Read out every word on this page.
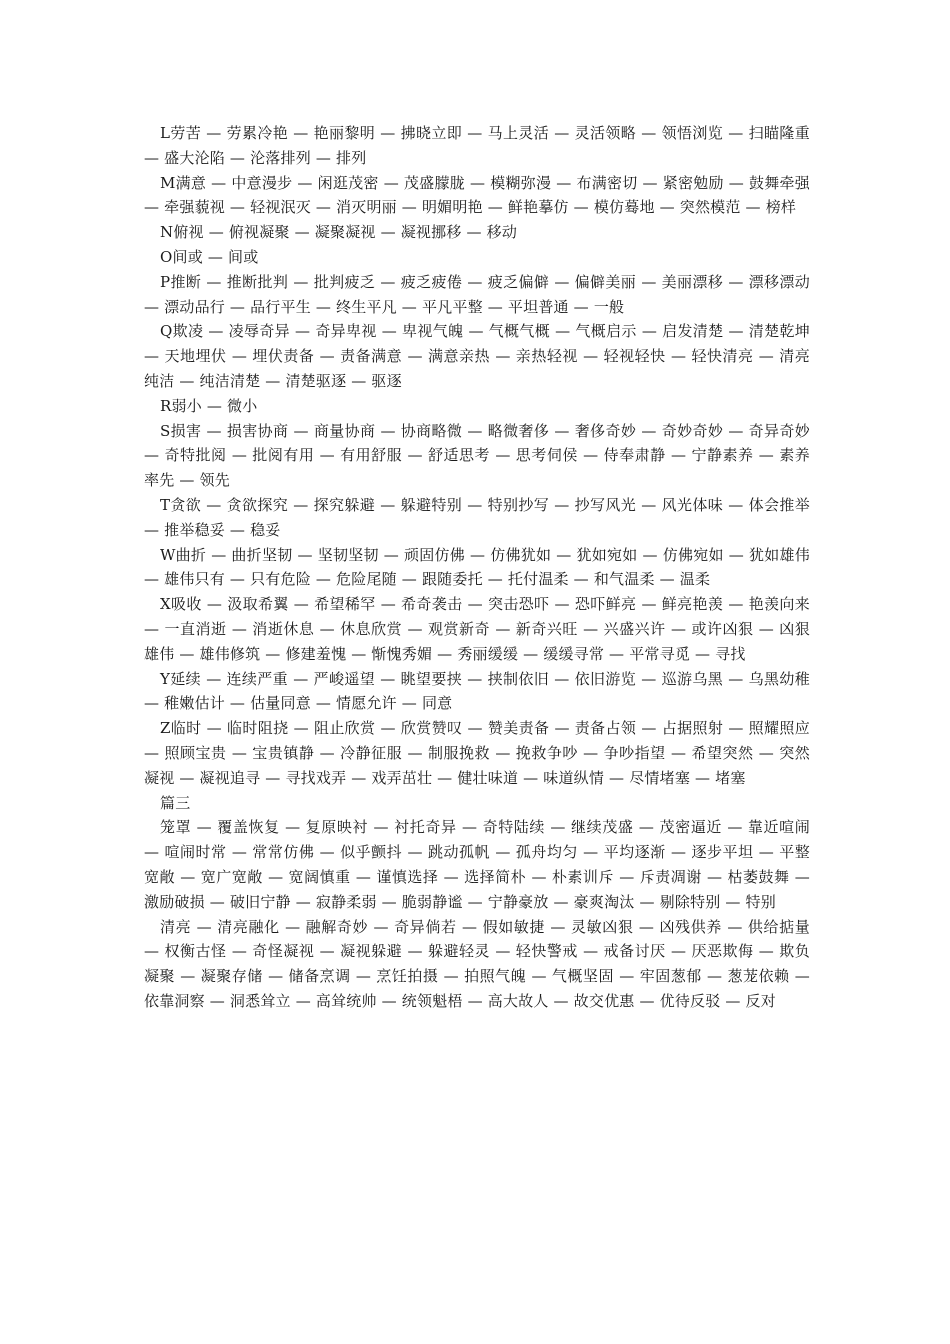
L劳苦 — 劳累冷艳 — 艳丽黎明 — 拂晓立即 — 马上灵活 — 灵活领略 — 领悟浏览 — 扫瞄隆重 — 盛大沦陷 — 沦落排列 — 排列

M满意 — 中意漫步 — 闲逛茂密 — 茂盛朦胧 — 模糊弥漫 — 布满密切 — 紧密勉励 — 鼓舞牵强 — 牵强藐视 — 轻视泯灭 — 消灭明丽 — 明媚明艳 — 鲜艳摹仿 — 模仿蓦地 — 突然模范 — 榜样

N俯视 — 俯视凝聚 — 凝聚凝视 — 凝视挪移 — 移动

O间或 — 间或

P推断 — 推断批判 — 批判疲乏 — 疲乏疲倦 — 疲乏偏僻 — 偏僻美丽 — 美丽漂移 — 漂移漂动 — 漂动品行 — 品行平生 — 终生平凡 — 平凡平整 — 平坦普通 — 一般

Q欺凌 — 凌辱奇异 — 奇异卑视 — 卑视气魄 — 气概气概 — 气概启示 — 启发清楚 — 清楚乾坤 — 天地埋伏 — 埋伏责备 — 责备满意 — 满意亲热 — 亲热轻视 — 轻视轻快 — 轻快清亮 — 清亮纯洁 — 纯洁清楚 — 清楚驱逐 — 驱逐

R弱小 — 微小

S损害 — 损害协商 — 商量协商 — 协商略微 — 略微奢侈 — 奢侈奇妙 — 奇妙奇妙 — 奇异奇妙 — 奇特批阅 — 批阅有用 — 有用舒服 — 舒适思考 — 思考伺侯 — 侍奉肃静 — 宁静素养 — 素养率先 — 领先

T贪欲 — 贪欲探究 — 探究躲避 — 躲避特别 — 特别抄写 — 抄写风光 — 风光体味 — 体会推举 — 推举稳妥 — 稳妥

W曲折 — 曲折坚韧 — 坚韧坚韧 — 顽固仿佛 — 仿佛犹如 — 犹如宛如 — 仿佛宛如 — 犹如雄伟 — 雄伟只有 — 只有危险 — 危险尾随 — 跟随委托 — 托付温柔 — 和气温柔 — 温柔

X吸收 — 汲取希翼 — 希望稀罕 — 希奇袭击 — 突击恐吓 — 恐吓鲜亮 — 鲜亮艳羡 — 艳羡向来 — 一直消逝 — 消逝休息 — 休息欣赏 — 观赏新奇 — 新奇兴旺 — 兴盛兴许 — 或许凶狠 — 凶狠雄伟 — 雄伟修筑 — 修建羞愧 — 惭愧秀媚 — 秀丽缓缓 — 缓缓寻常 — 平常寻觅 — 寻找

Y延续 — 连续严重 — 严峻遥望 — 眺望要挟 — 挟制依旧 — 依旧游览 — 巡游乌黑 — 乌黑幼稚 — 稚嫩估计 — 估量同意 — 情愿允许 — 同意

Z临时 — 临时阻挠 — 阻止欣赏 — 欣赏赞叹 — 赞美责备 — 责备占领 — 占据照射 — 照耀照应 — 照顾宝贵 — 宝贵镇静 — 冷静征服 — 制服挽救 — 挽救争吵 — 争吵指望 — 希望突然 — 突然凝视 — 凝视追寻 — 寻找戏弄 — 戏弄茁壮 — 健壮味道 — 味道纵情 — 尽情堵塞 — 堵塞

篇三

笼罩 — 覆盖恢复 — 复原映衬 — 衬托奇异 — 奇特陆续 — 继续茂盛 — 茂密逼近 — 靠近喧闹 — 喧闹时常 — 常常仿佛 — 似乎颤抖 — 跳动孤帆 — 孤舟均匀 — 平均逐渐 — 逐步平坦 — 平整宽敞 — 宽广宽敞 — 宽阔慎重 — 谨慎选择 — 选择简朴 — 朴素训斥 — 斥责凋谢 — 枯萎鼓舞 — 激励破损 — 破旧宁静 — 寂静柔弱 — 脆弱静谧 — 宁静豪放 — 豪爽淘汰 — 剔除特别 — 特别

清亮 — 清亮融化 — 融解奇妙 — 奇异倘若 — 假如敏捷 — 灵敏凶狠 — 凶残供养 — 供给掂量 — 权衡古怪 — 奇怪凝视 — 凝视躲避 — 躲避轻灵 — 轻快警戒 — 戒备讨厌 — 厌恶欺侮 — 欺负凝聚 — 凝聚存储 — 储备烹调 — 烹饪拍摄 — 拍照气魄 — 气概坚固 — 牢固葱郁 — 葱茏依赖 — 依靠洞察 — 洞悉耸立 — 高耸统帅 — 统领魁梧 — 高大故人 — 故交优惠 — 优待反驳 — 反对
